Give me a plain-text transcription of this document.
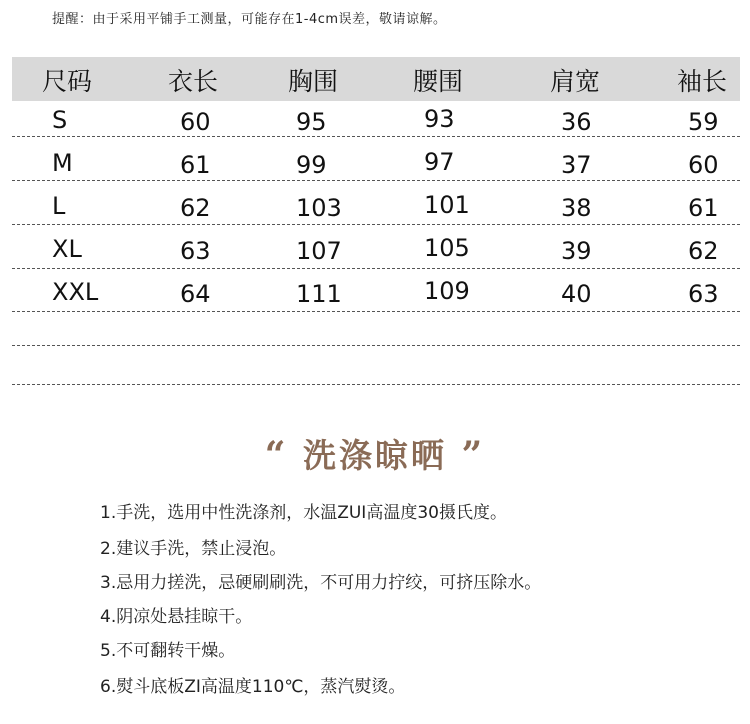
提醒：由于采用平铺手工测量，可能存在1-4cm误差，敬请谅解。
尺码	衣长	胸围	腰围	肩宽	袖长
S	60	95	93	36	59
M	61	99	97	37	60
L	62	103	101	38	61
XL	63	107	105	39	62
XXL	64	111	109	40	63
“ 洗涤晾晒 ”
1.手洗，选用中性洗涤剂，水温ZUI高温度30摄氏度。
2.建议手洗，禁止浸泡。
3.忌用力搓洗，忌硬刷刷洗，不可用力拧绞，可挤压除水。
4.阴凉处悬挂晾干。
5.不可翻转干燥。
6.熨斗底板ZI高温度110℃，蒸汽熨烫。
